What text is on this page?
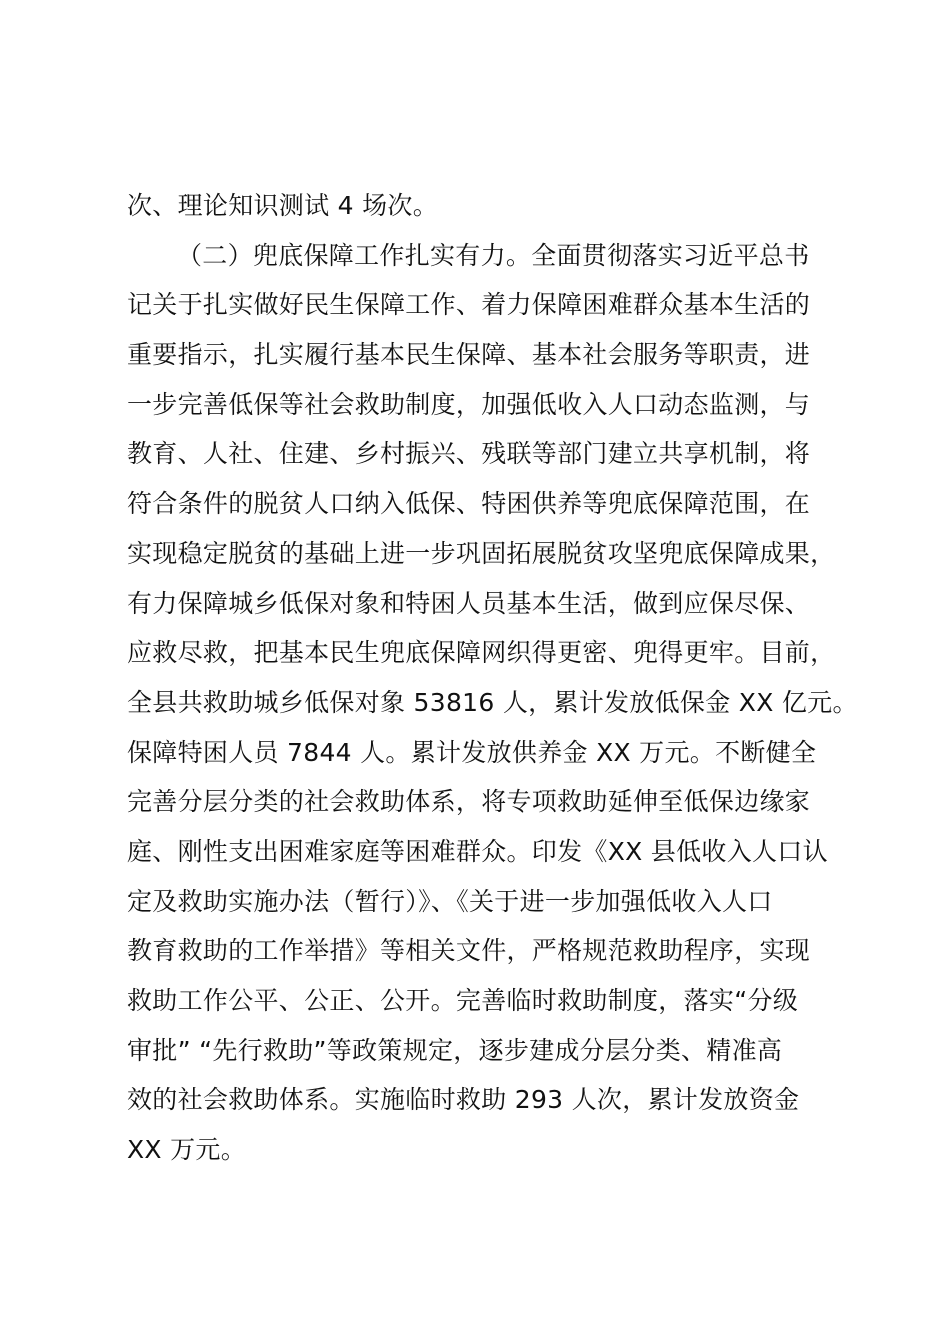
次、理论知识测试 4 场次。
（二）兜底保障工作扎实有力。全面贯彻落实习近平总书
记关于扎实做好民生保障工作、着力保障困难群众基本生活的
重要指示，扎实履行基本民生保障、基本社会服务等职责，进
一步完善低保等社会救助制度，加强低收入人口动态监测，与
教育、人社、住建、乡村振兴、残联等部门建立共享机制，将
符合条件的脱贫人口纳入低保、特困供养等兜底保障范围，在
实现稳定脱贫的基础上进一步巩固拓展脱贫攻坚兜底保障成果，
有力保障城乡低保对象和特困人员基本生活，做到应保尽保、
应救尽救，把基本民生兜底保障网织得更密、兜得更牢。目前，
全县共救助城乡低保对象 53816 人，累计发放低保金 XX 亿元。
保障特困人员 7844 人。累计发放供养金 XX 万元。不断健全
完善分层分类的社会救助体系，将专项救助延伸至低保边缘家
庭、刚性支出困难家庭等困难群众。印发《XX 县低收入人口认
定及救助实施办法（暂行）》、《关于进一步加强低收入人口
教育救助的工作举措》等相关文件，严格规范救助程序，实现
救助工作公平、公正、公开。完善临时救助制度，落实“分级
审批” “先行救助”等政策规定，逐步建成分层分类、精准高
效的社会救助体系。实施临时救助 293 人次，累计发放资金
XX 万元。
